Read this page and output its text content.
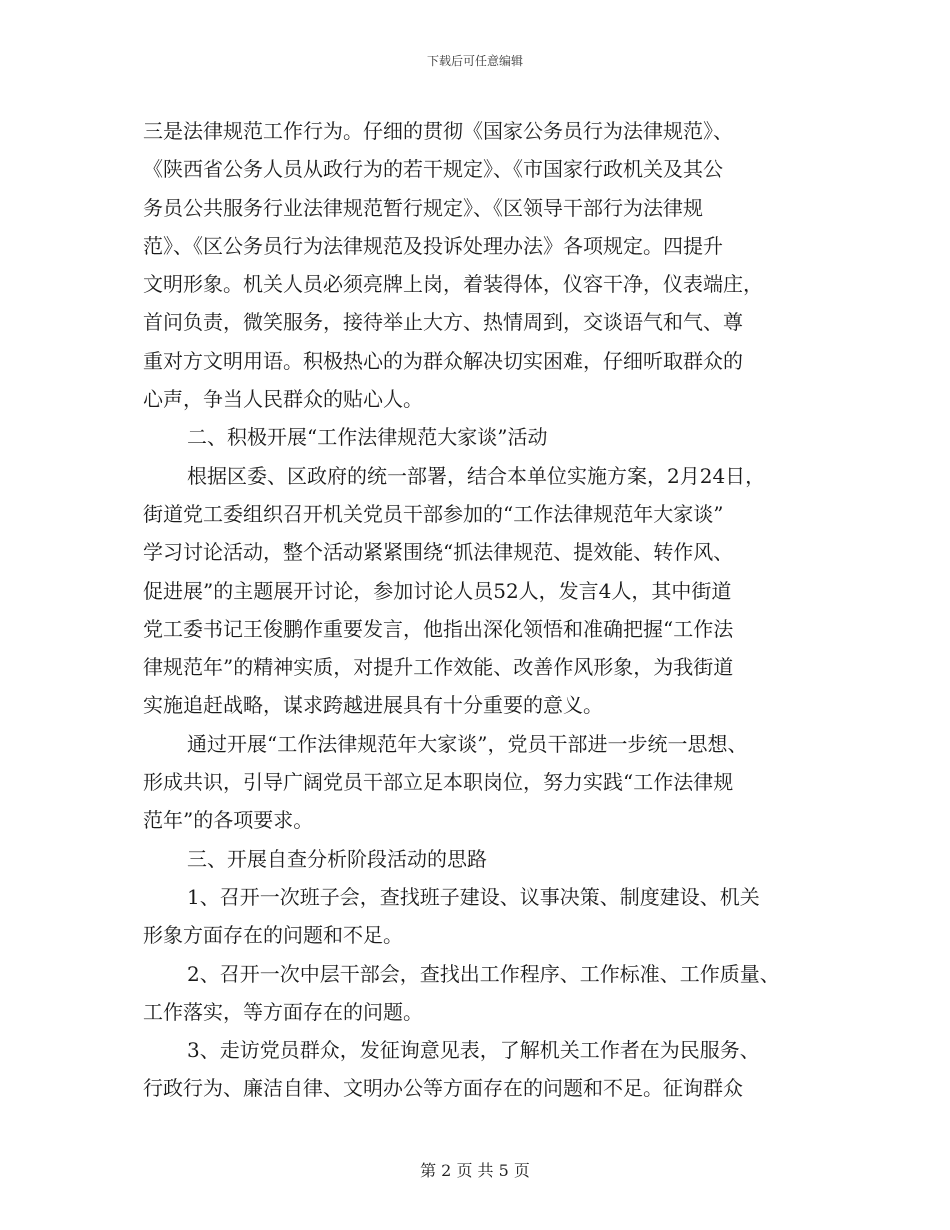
下载后可任意编辑
三是法律规范工作行为。仔细的贯彻《国家公务员行为法律规范》、
《陕西省公务人员从政行为的若干规定》、《市国家行政机关及其公
务员公共服务行业法律规范暂行规定》、《区领导干部行为法律规
范》、《区公务员行为法律规范及投诉处理办法》各项规定。四提升
文明形象。机关人员必须亮牌上岗，着装得体，仪容干净，仪表端庄，
首问负责，微笑服务，接待举止大方、热情周到，交谈语气和气、尊
重对方文明用语。积极热心的为群众解决切实困难，仔细听取群众的
心声，争当人民群众的贴心人。
二、积极开展“工作法律规范大家谈”活动
根据区委、区政府的统一部署，结合本单位实施方案，2月24日，
街道党工委组织召开机关党员干部参加的“工作法律规范年大家谈”
学习讨论活动，整个活动紧紧围绕“抓法律规范、提效能、转作风、
促进展”的主题展开讨论，参加讨论人员52人，发言4人，其中街道
党工委书记王俊鹏作重要发言，他指出深化领悟和准确把握“工作法
律规范年”的精神实质，对提升工作效能、改善作风形象，为我街道
实施追赶战略，谋求跨越进展具有十分重要的意义。
通过开展“工作法律规范年大家谈”，党员干部进一步统一思想、
形成共识，引导广阔党员干部立足本职岗位，努力实践“工作法律规
范年”的各项要求。
三、开展自查分析阶段活动的思路
1、召开一次班子会，查找班子建设、议事决策、制度建设、机关
形象方面存在的问题和不足。
2、召开一次中层干部会，查找出工作程序、工作标准、工作质量、
工作落实，等方面存在的问题。
3、走访党员群众，发征询意见表，了解机关工作者在为民服务、
行政行为、廉洁自律、文明办公等方面存在的问题和不足。征询群众
第 2 页 共 5 页
